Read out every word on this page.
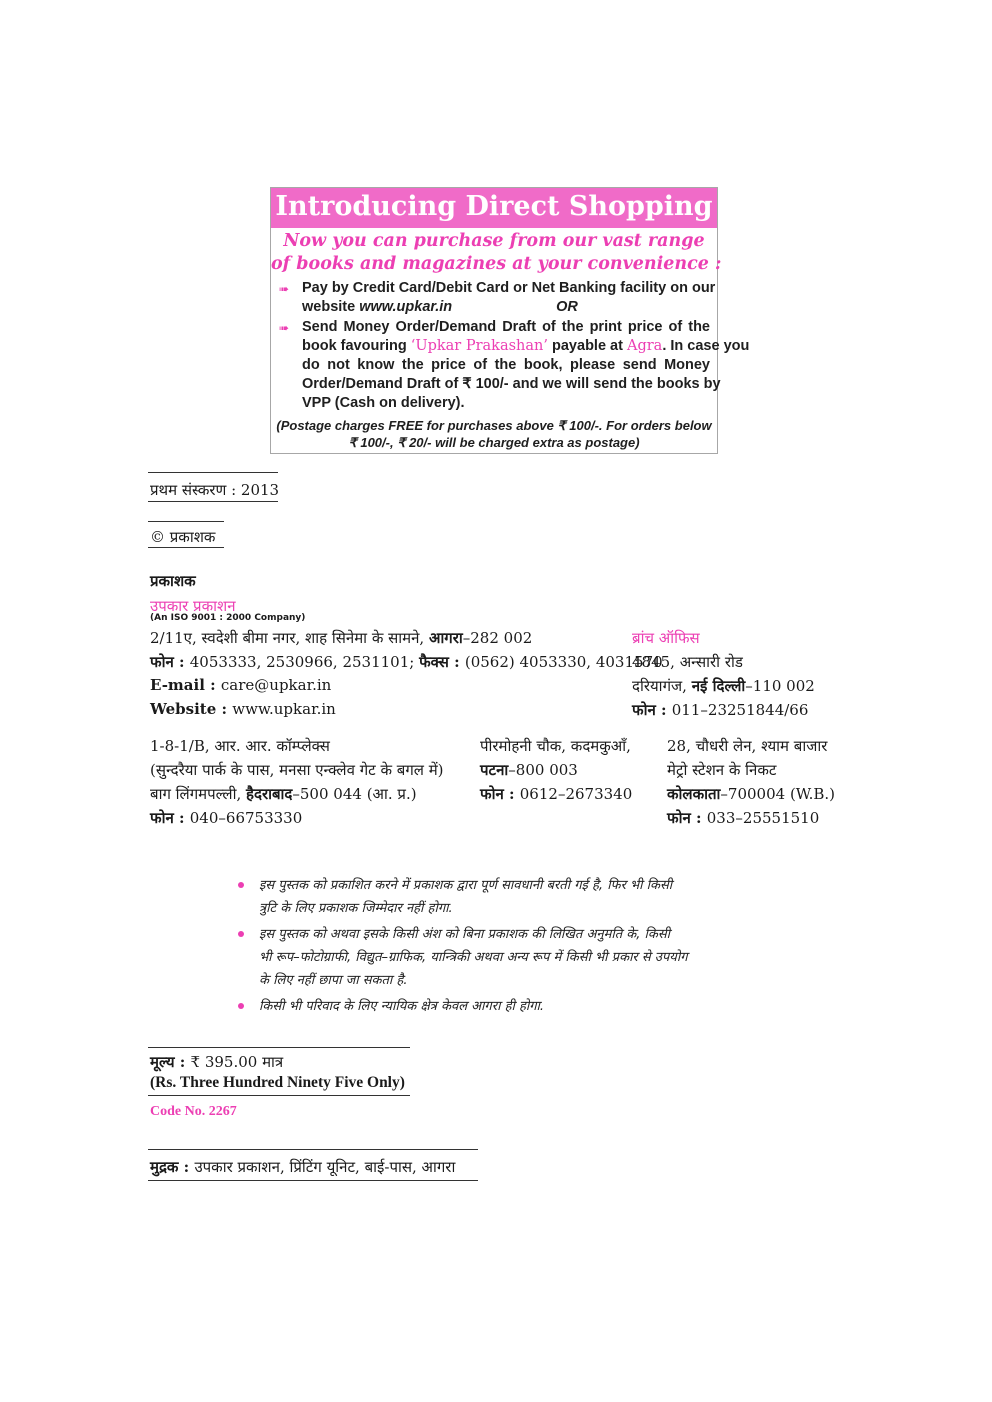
Introducing Direct Shopping
Now you can purchase from our vast range
of books and magazines at your convenience :
➠ Pay by Credit Card/Debit Card or Net Banking facility on our
website www.upkar.in	OR
➠ Send Money Order/Demand Draft of the print price of the
book favouring ‘Upkar Prakashan’ payable at Agra. In case you
do not know the price of the book, please send Money
Order/Demand Draft of ₹ 100/- and we will send the books by
VPP (Cash on delivery).
(Postage charges FREE for purchases above ₹ 100/-. For orders below
₹ 100/-, ₹ 20/- will be charged extra as postage)
प्रथम संस्करण : 2013
© प्रकाशक
प्रकाशक
उपकार प्रकाशन
(An ISO 9001 : 2000 Company)
2/11ए, स्वदेशी बीमा नगर, शाह सिनेमा के सामने, आगरा–282 002
फोन : 4053333, 2530966, 2531101; फैक्स : (0562) 4053330, 4031570
E-mail : care@upkar.in
Website : www.upkar.in
ब्रांच ऑफिस
4845, अन्सारी रोड
दरियागंज, नई दिल्ली–110 002
फोन : 011–23251844/66
1-8-1/B, आर. आर. कॉम्प्लेक्स
(सुन्दरैया पार्क के पास, मनसा एन्क्लेव गेट के बगल में)
बाग लिंगमपल्ली, हैदराबाद–500 044 (आ. प्र.)
फोन : 040–66753330
पीरमोहनी चौक, कदमकुआँ,
पटना–800 003
फोन : 0612–2673340
28, चौधरी लेन, श्याम बाजार
मेट्रो स्टेशन के निकट
कोलकाता–700004 (W.B.)
फोन : 033–25551510
इस पुस्तक को प्रकाशित करने में प्रकाशक द्वारा पूर्ण सावधानी बरती गई है, फिर भी किसी
त्रुटि के लिए प्रकाशक जिम्मेदार नहीं होगा.
इस पुस्तक को अथवा इसके किसी अंश को बिना प्रकाशक की लिखित अनुमति के, किसी
भी रूप–फोटोग्राफी, विद्युत–ग्राफिक, यान्त्रिकी अथवा अन्य रूप में किसी भी प्रकार से उपयोग
के लिए नहीं छापा जा सकता है.
किसी भी परिवाद के लिए न्यायिक क्षेत्र केवल आगरा ही होगा.
मूल्य : ₹ 395.00 मात्र
(Rs. Three Hundred Ninety Five Only)
Code No. 2267
मुद्रक : उपकार प्रकाशन, प्रिंटिंग यूनिट, बाई-पास, आगरा
